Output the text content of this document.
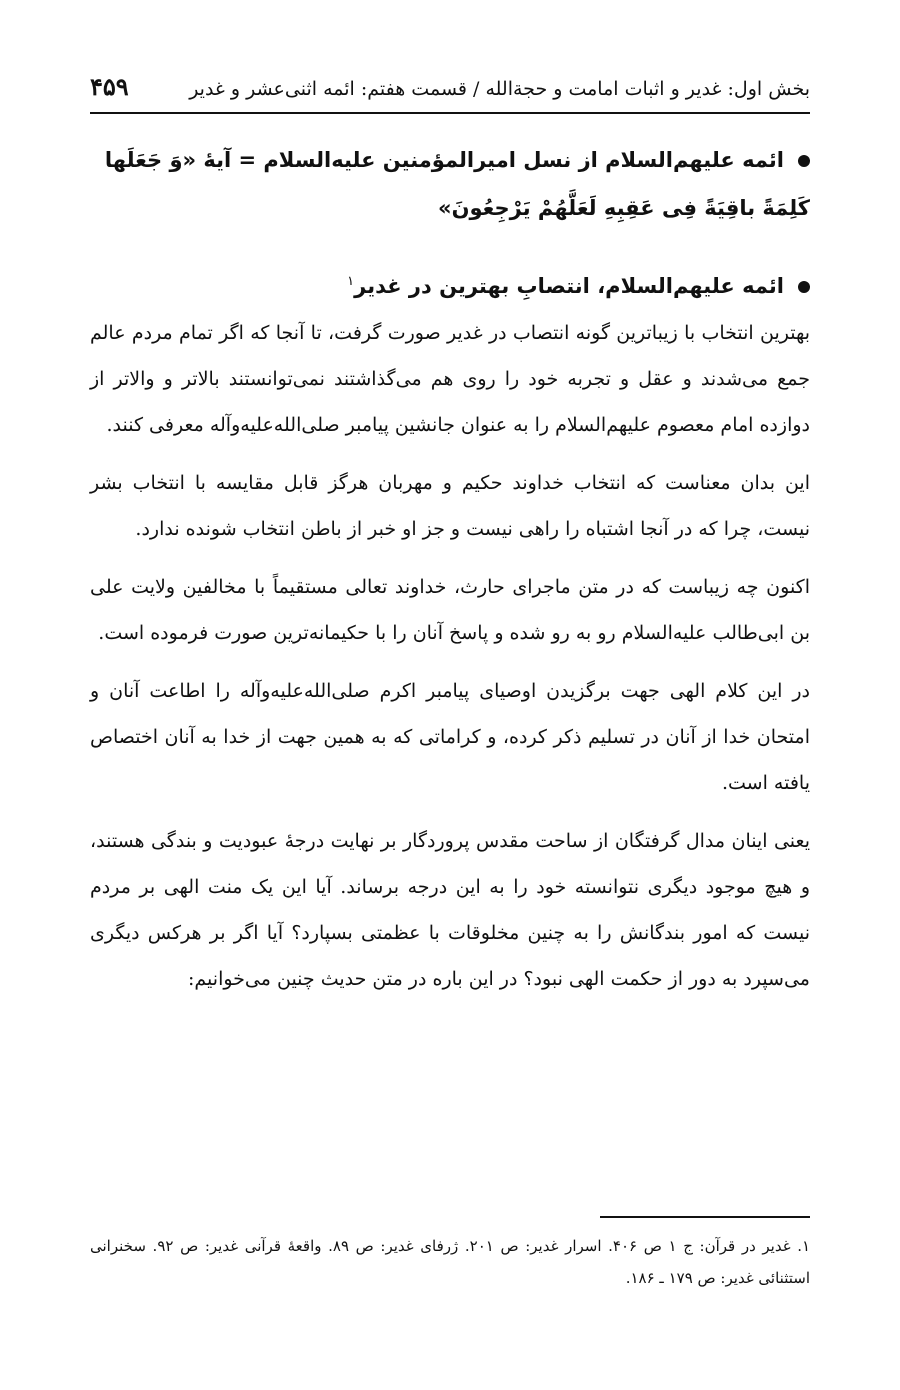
بخش اول: غدیر و اثبات امامت و حجةالله / قسمت هفتم: ائمه اثنی‌عشر و غدیر
۴۵۹

ائمه علیهم‌السلام از نسل امیرالمؤمنین علیه‌السلام = آیۀ «وَ جَعَلَها کَلِمَةً باقِیَةً فِی عَقِبِهِ لَعَلَّهُمْ یَرْجِعُونَ»

ائمه علیهم‌السلام، انتصابِ بهترین در غدیر$^۱$

بهترین انتخاب با زیباترین گونه انتصاب در غدیر صورت گرفت، تا آنجا که اگر تمام مردم عالم جمع می‌شدند و عقل و تجربه خود را روی هم می‌گذاشتند نمی‌توانستند بالاتر و والاتر از دوازده امام معصوم علیهم‌السلام را به عنوان جانشین پیامبر صلی‌الله‌علیه‌وآله معرفی کنند.

این بدان معناست که انتخاب خداوند حکیم و مهربان هرگز قابل مقایسه با انتخاب بشر نیست، چرا که در آنجا اشتباه را راهی نیست و جز او خبر از باطن انتخاب شونده ندارد.

اکنون چه زیباست که در متن ماجرای حارث، خداوند تعالی مستقیماً با مخالفین ولایت علی بن ابی‌طالب علیه‌السلام رو به رو شده و پاسخ آنان را با حکیمانه‌ترین صورت فرموده است.

در این کلام الهی جهت برگزیدن اوصیای پیامبر اکرم صلی‌الله‌علیه‌وآله را اطاعت آنان و امتحان خدا از آنان در تسلیم ذکر کرده، و کراماتی که به همین جهت از خدا به آنان اختصاص یافته است.

یعنی اینان مدال گرفتگان از ساحت مقدس پروردگار بر نهایت درجۀ عبودیت و بندگی هستند، و هیچ موجود دیگری نتوانسته خود را به این درجه برساند. آیا این یک منت الهی بر مردم نیست که امور بندگانش را به چنین مخلوقات با عظمتی بسپارد؟ آیا اگر بر هرکس دیگری می‌سپرد به دور از حکمت الهی نبود؟ در این باره در متن حدیث چنین می‌خوانیم:

۱. غدیر در قرآن: ج ۱ ص ۴۰۶. اسرار غدیر: ص ۲۰۱. ژرفای غدیر: ص ۸۹. واقعۀ قرآنی غدیر: ص ۹۲. سخنرانی استثنائی غدیر: ص ۱۷۹ ـ ۱۸۶.
